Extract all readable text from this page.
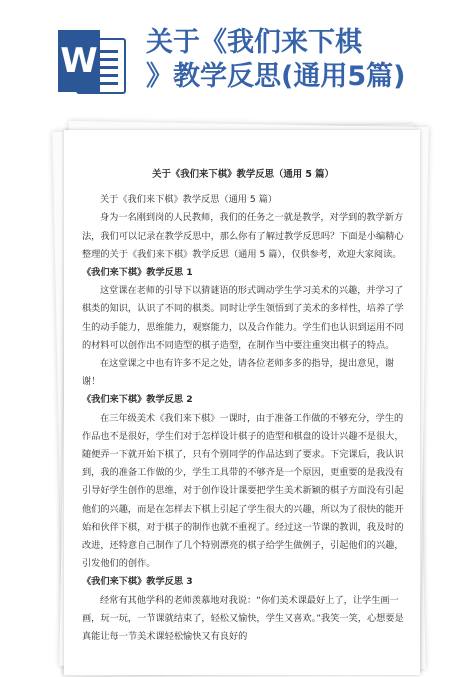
W 关于《我们来下棋
》教学反思(通用5篇)
关于《我们来下棋》教学反思（通用 5 篇）

关于《我们来下棋》教学反思（通用 5 篇）

身为一名刚到岗的人民教师，我们的任务之一就是教学，对学到的教学新方法，我们可以记录在教学反思中，那么你有了解过教学反思吗？下面是小编精心整理的关于《我们来下棋》教学反思（通用 5 篇），仅供参考，欢迎大家阅读。

《我们来下棋》教学反思 1

这堂课在老师的引导下以猜谜语的形式调动学生学习美术的兴趣，并学习了棋类的知识，认识了不同的棋类。同时让学生领悟到了美术的多样性，培养了学生的动手能力，思维能力，观察能力，以及合作能力。学生们也认识到运用不同的材料可以创作出不同造型的棋子造型，在制作当中要注重突出棋子的特点。

在这堂课之中也有许多不足之处，请各位老师多多的指导，提出意见，谢谢！

《我们来下棋》教学反思 2

在三年级美术《我们来下棋》一课时，由于准备工作做的不够充分，学生的作品也不是很好，学生们对于怎样设计棋子的造型和棋盘的设计兴趣不是很大，随便弄一下就开始下棋了，只有个别同学的作品达到了要求。下完课后，我认识到，我的准备工作做的少，学生工具带的不够齐是一个原因，更重要的是我没有引导好学生创作的思维，对于创作设计课要把学生美术新颖的棋子方面没有引起他们的兴趣，而是在怎样去下棋上引起了学生很大的兴趣，所以为了很快的能开始和伙伴下棋，对于棋子的制作也就不重视了。经过这一节课的教训，我及时的改进，还特意自己制作了几个特别漂亮的棋子给学生做例子，引起他们的兴趣，引发他们的创作。

《我们来下棋》教学反思 3

经常有其他学科的老师羡慕地对我说：“你们美术课最好上了，让学生画一画，玩一玩，一节课就结束了，轻松又愉快，学生又喜欢。”我笑一笑，心想要是真能让每一节美术课轻松愉快又有良好的
